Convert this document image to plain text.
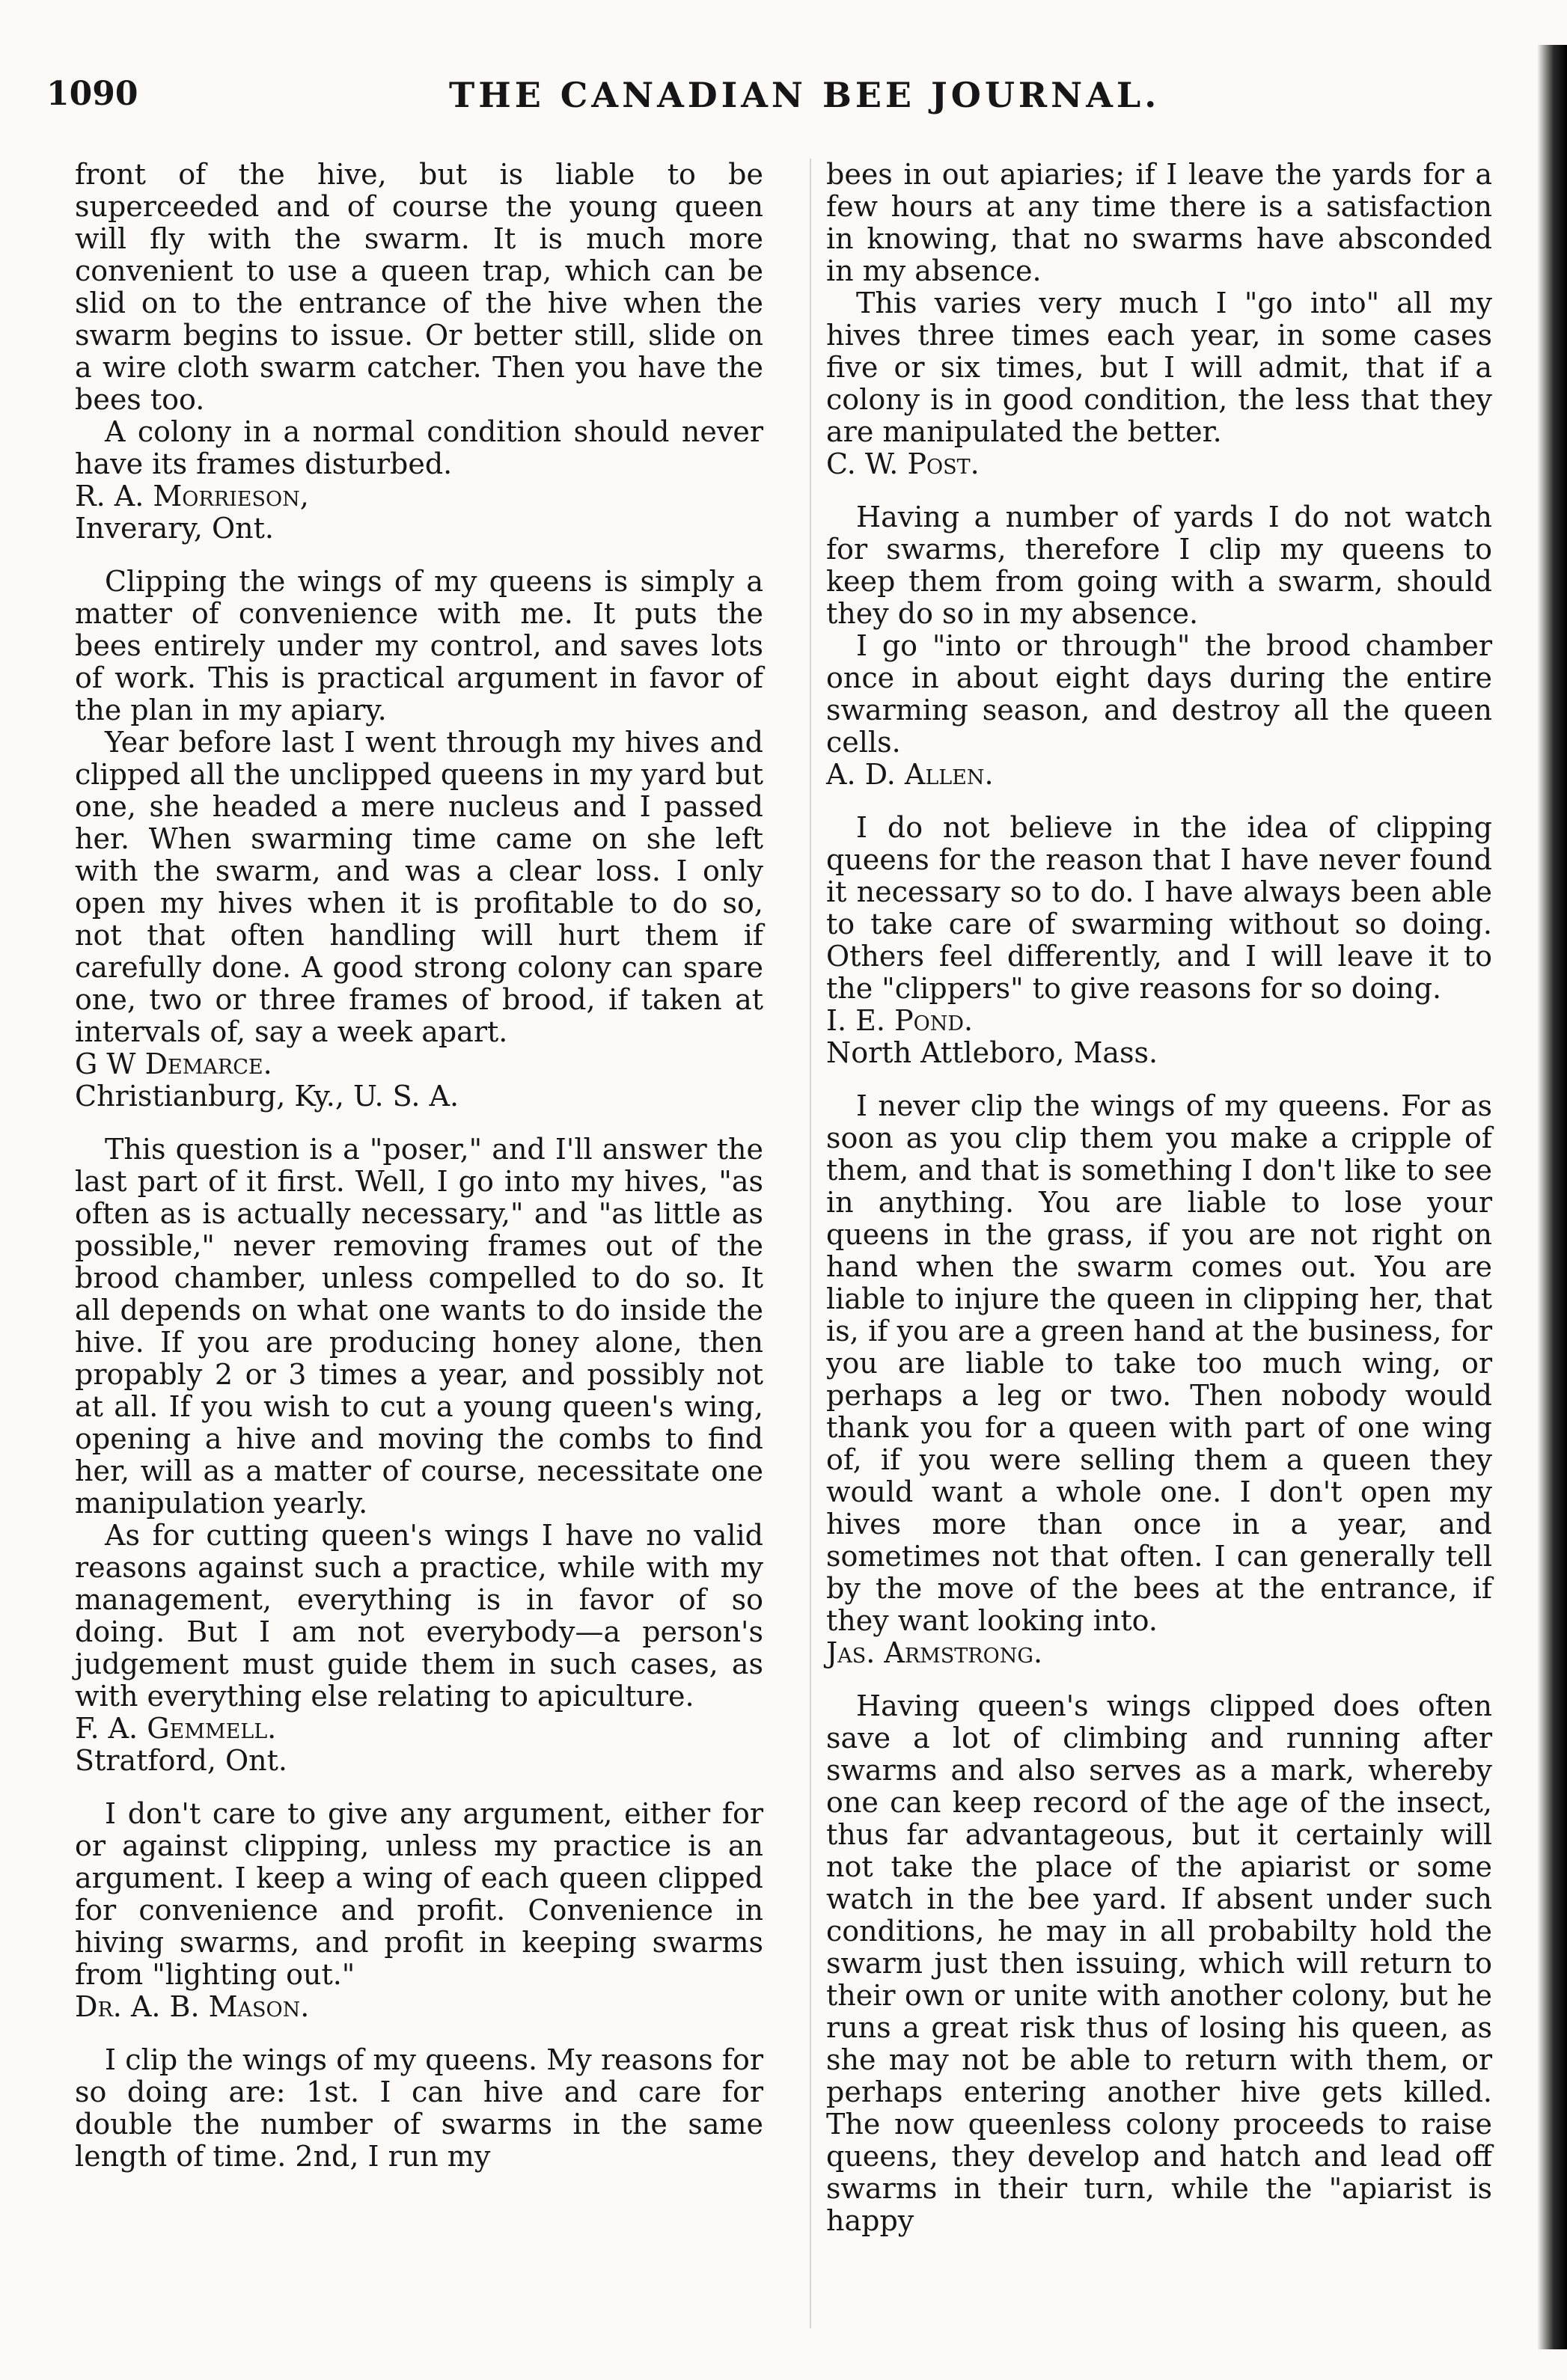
1090	THE CANADIAN BEE JOURNAL.

front of the hive, but is liable to be superceeded and of course the young queen will fly with the swarm. It is much more convenient to use a queen trap, which can be slid on to the entrance of the hive when the swarm begins to issue. Or better still, slide on a wire cloth swarm catcher. Then you have the bees too.

A colony in a normal condition should never have its frames disturbed.

R. A. Morrieson,

Inverary, Ont.

Clipping the wings of my queens is simply a matter of convenience with me. It puts the bees entirely under my control, and saves lots of work. This is practical argument in favor of the plan in my apiary.

Year before last I went through my hives and clipped all the unclipped queens in my yard but one, she headed a mere nucleus and I passed her. When swarming time came on she left with the swarm, and was a clear loss. I only open my hives when it is profitable to do so, not that often handling will hurt them if carefully done. A good strong colony can spare one, two or three frames of brood, if taken at intervals of, say a week apart.

G W Demarce.

Christianburg, Ky., U. S. A.

This question is a "poser," and I'll answer the last part of it first. Well, I go into my hives, "as often as is actually necessary," and "as little as possible," never removing frames out of the brood chamber, unless compelled to do so. It all depends on what one wants to do inside the hive. If you are producing honey alone, then propably 2 or 3 times a year, and possibly not at all. If you wish to cut a young queen's wing, opening a hive and moving the combs to find her, will as a matter of course, necessitate one manipulation yearly.

As for cutting queen's wings I have no valid reasons against such a practice, while with my management, everything is in favor of so doing. But I am not everybody—a person's judgement must guide them in such cases, as with everything else relating to apiculture.

F. A. Gemmell.

Stratford, Ont.

I don't care to give any argument, either for or against clipping, unless my practice is an argument. I keep a wing of each queen clipped for convenience and profit. Convenience in hiving swarms, and profit in keeping swarms from "lighting out."

Dr. A. B. Mason.

I clip the wings of my queens. My reasons for so doing are: 1st. I can hive and care for double the number of swarms in the same length of time. 2nd, I run my

bees in out apiaries; if I leave the yards for a few hours at any time there is a satisfaction in knowing, that no swarms have absconded in my absence.

This varies very much I "go into" all my hives three times each year, in some cases five or six times, but I will admit, that if a colony is in good condition, the less that they are manipulated the better.

C. W. Post.

Having a number of yards I do not watch for swarms, therefore I clip my queens to keep them from going with a swarm, should they do so in my absence.

I go "into or through" the brood chamber once in about eight days during the entire swarming season, and destroy all the queen cells.

A. D. Allen.

I do not believe in the idea of clipping queens for the reason that I have never found it necessary so to do. I have always been able to take care of swarming without so doing. Others feel differently, and I will leave it to the "clippers" to give reasons for so doing.

I. E. Pond.

North Attleboro, Mass.

I never clip the wings of my queens. For as soon as you clip them you make a cripple of them, and that is something I don't like to see in anything. You are liable to lose your queens in the grass, if you are not right on hand when the swarm comes out. You are liable to injure the queen in clipping her, that is, if you are a green hand at the business, for you are liable to take too much wing, or perhaps a leg or two. Then nobody would thank you for a queen with part of one wing of, if you were selling them a queen they would want a whole one. I don't open my hives more than once in a year, and sometimes not that often. I can generally tell by the move of the bees at the entrance, if they want looking into.

Jas. Armstrong.

Having queen's wings clipped does often save a lot of climbing and running after swarms and also serves as a mark, whereby one can keep record of the age of the insect, thus far advantageous, but it certainly will not take the place of the apiarist or some watch in the bee yard. If absent under such conditions, he may in all probabilty hold the swarm just then issuing, which will return to their own or unite with another colony, but he runs a great risk thus of losing his queen, as she may not be able to return with them, or perhaps entering another hive gets killed. The now queenless colony proceeds to raise queens, they develop and hatch and lead off swarms in their turn, while the "apiarist is happy
